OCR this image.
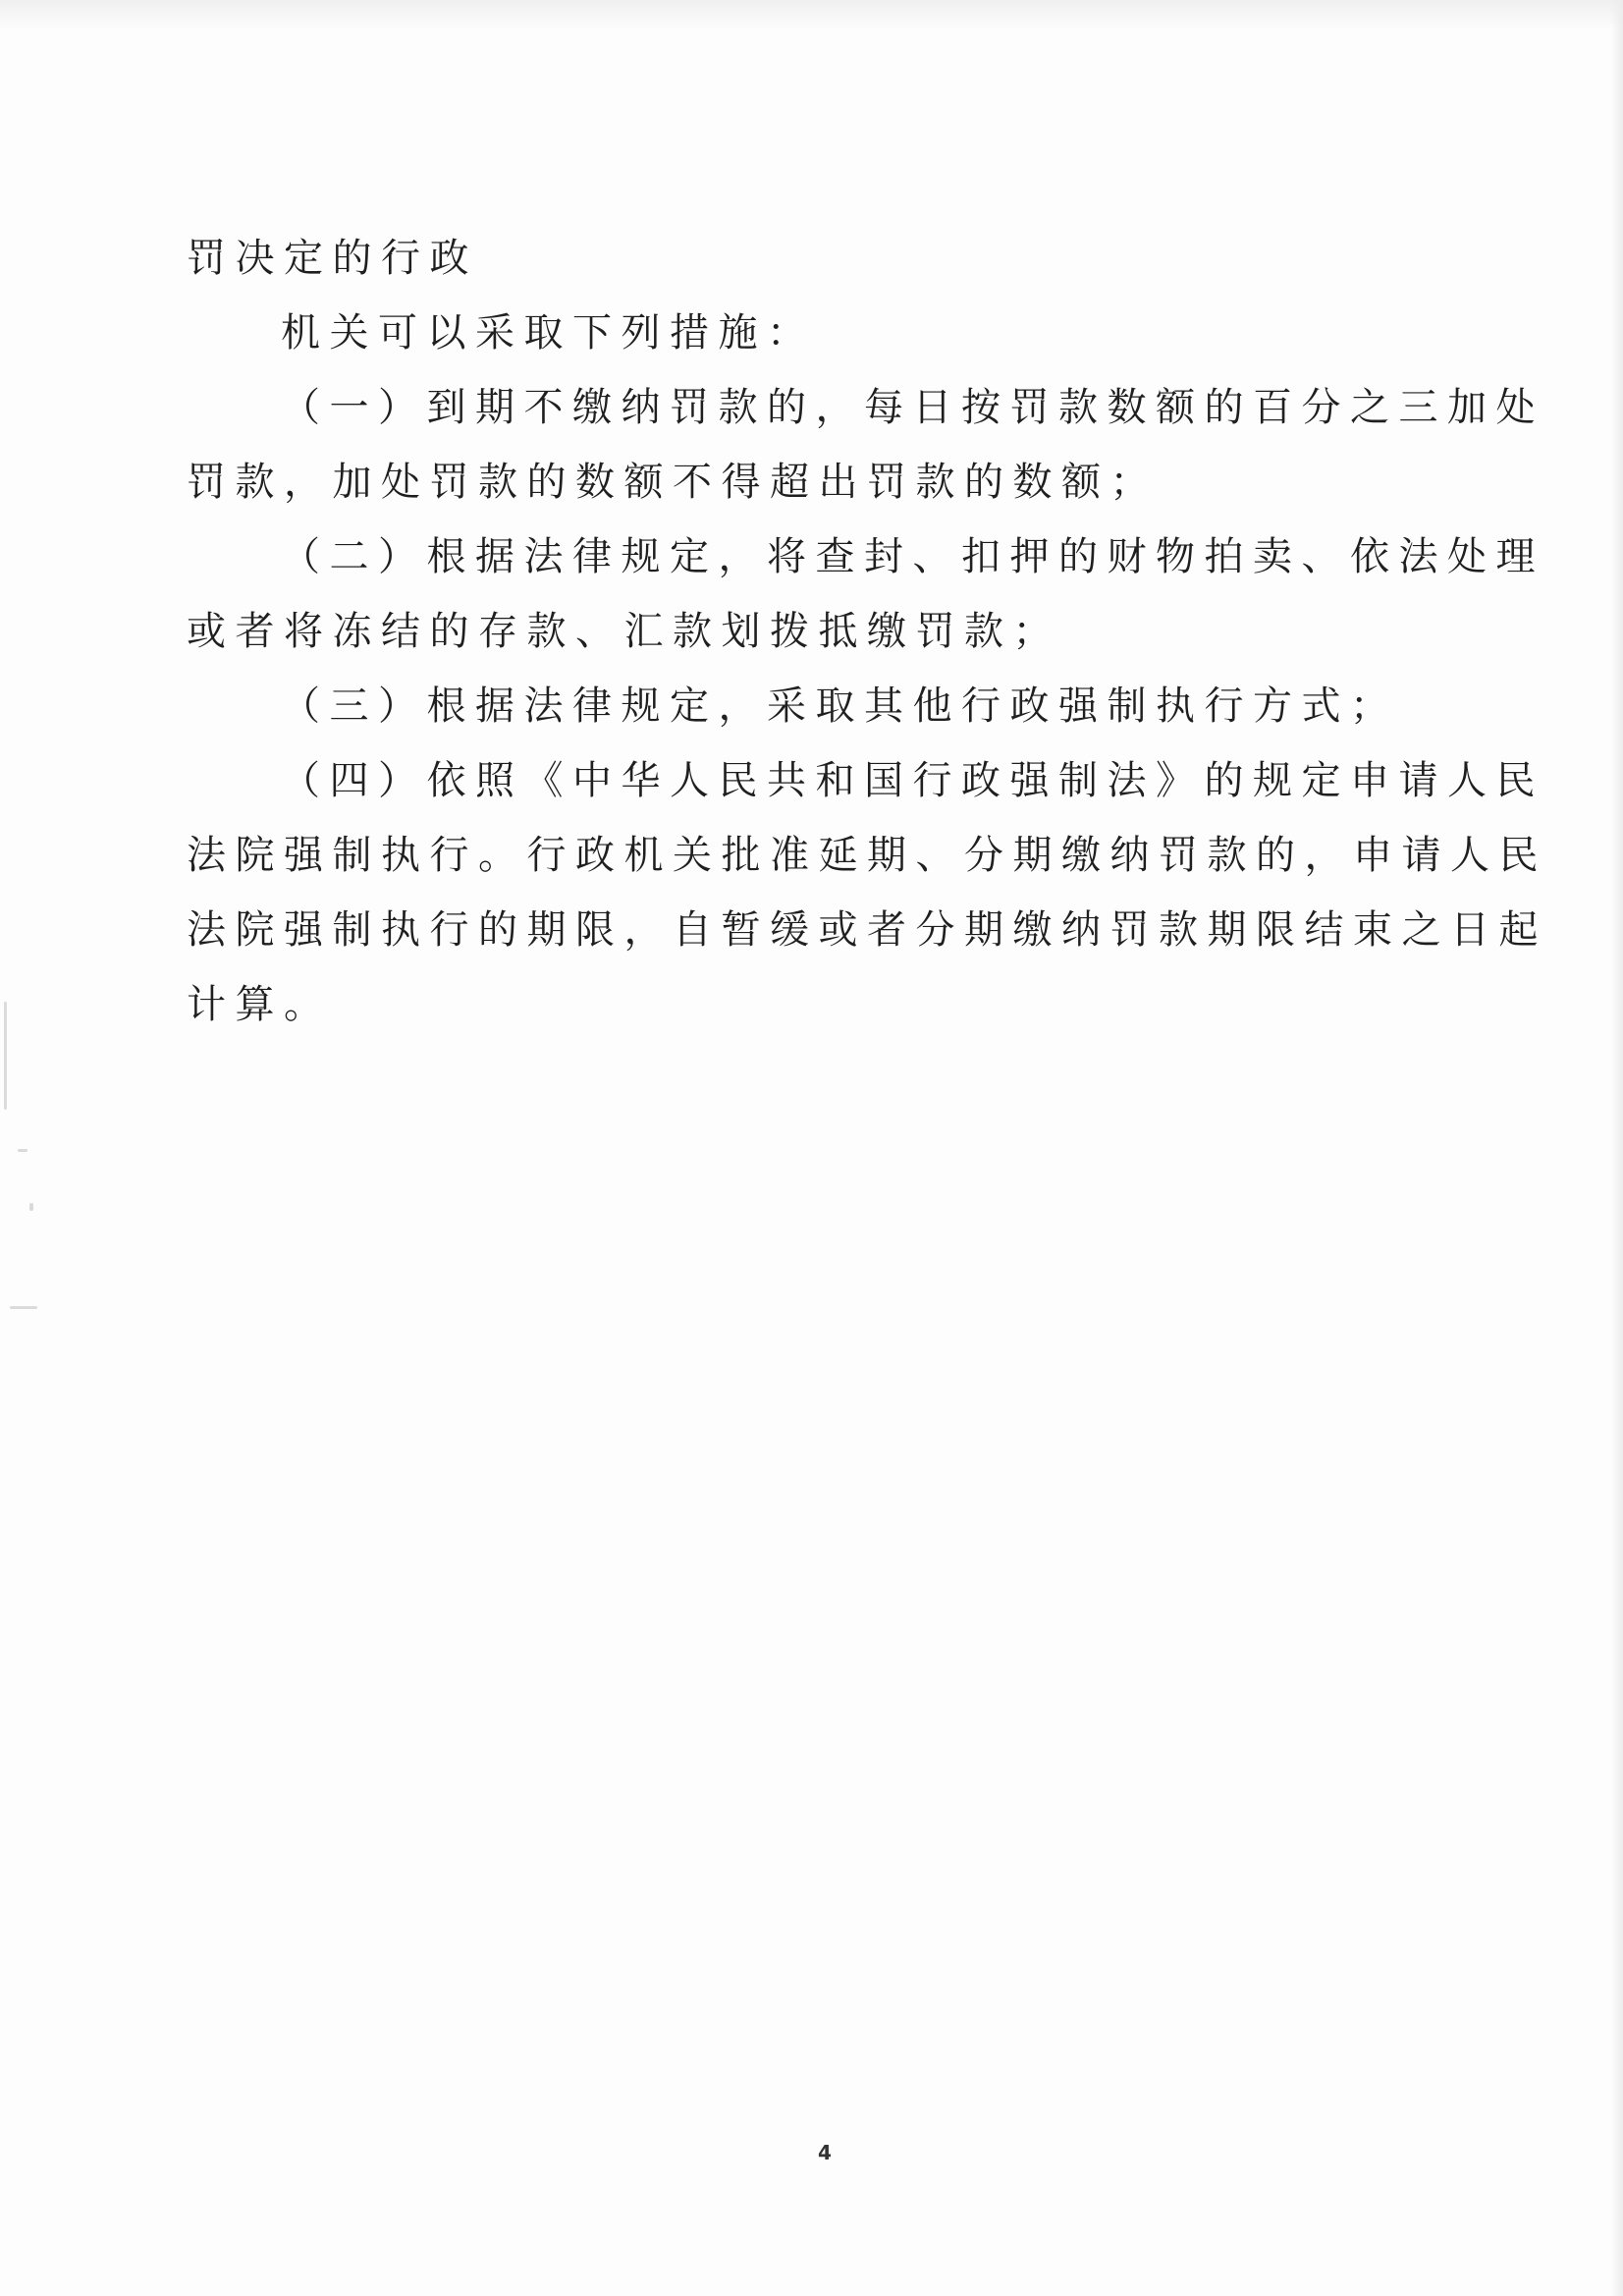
罚决定的行政
机关可以采取下列措施：
（一）到期不缴纳罚款的，每日按罚款数额的百分之三加处
罚款，加处罚款的数额不得超出罚款的数额；
（二）根据法律规定，将查封、扣押的财物拍卖、依法处理
或者将冻结的存款、汇款划拨抵缴罚款；
（三）根据法律规定，采取其他行政强制执行方式；
（四）依照《中华人民共和国行政强制法》的规定申请人民
法院强制执行。行政机关批准延期、分期缴纳罚款的，申请人民
法院强制执行的期限，自暂缓或者分期缴纳罚款期限结束之日起
计算。
4
